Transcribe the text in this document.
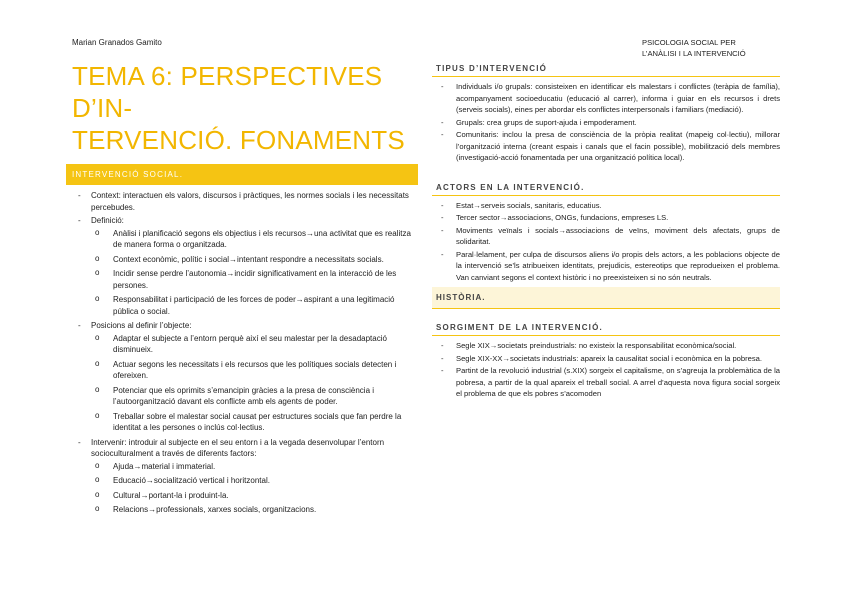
Marian Granados Gamito	PSICOLOGIA SOCIAL PER
L’ANÀLISI I LA INTERVENCIÓ
TEMA 6: PERSPECTIVES D’IN-
TERVENCIÓ. FONAMENTS
INTERVENCIÓ SOCIAL.
- Context: interactuen els valors, discursos i pràctiques, les normes socials i les necessitats percebudes.
- Definició:
o Anàlisi i planificació segons els objectius i els recursos→una activitat que es realitza de manera forma o organitzada.
o Context econòmic, polític i social→intentant respondre a necessitats socials.
o Incidir sense perdre l’autonomia→incidir significativament en la interacció de les persones.
o Responsabilitat i participació de les forces de poder→aspirant a una legitimació pública o social.
- Posicions al definir l’objecte:
o Adaptar el subjecte a l’entorn perquè així el seu malestar per la desadaptació disminueix.
o Actuar segons les necessitats i els recursos que les polítiques socials detecten i ofereixen.
o Potenciar que els oprimits s’emancipin gràcies a la presa de consciència i l’autoorganització davant els conflicte amb els agents de poder.
o Treballar sobre el malestar social causat per estructures socials que fan perdre la identitat a les persones o inclús col·lectius.
- Intervenir: introduir al subjecte en el seu entorn i a la vegada desenvolupar l’entorn socioculturalment a través de diferents factors:
o Ajuda→material i immaterial.
o Educació→socialització vertical i horitzontal.
o Cultural→portant-la i produint-la.
o Relacions→professionals, xarxes socials, organitzacions.
TIPUS D’INTERVENCIÓ
- Individuals i/o grupals: consisteixen en identificar els malestars i conflictes (teràpia de família), acompanyament socioeducatiu (educació al carrer), informa i guiar en els recursos i drets (serveis socials), eines per abordar els conflictes interpersonals i familiars (mediació).
- Grupals: crea grups de suport-ajuda i empoderament.
- Comunitaris: inclou la presa de consciència de la pròpia realitat (mapeig col·lectiu), millorar l’organització interna (creant espais i canals que el facin possible), mobilització dels membres (investigació-acció fonamentada per una organització política local).
ACTORS EN LA INTERVENCIÓ.
- Estat→serveis socials, sanitaris, educatius.
- Tercer sector→associacions, ONGs, fundacions, empreses LS.
- Moviments veïnals i socials→associacions de veïns, moviment dels afectats, grups de solidaritat.
- Paral·lelament, per culpa de discursos aliens i/o propis dels actors, a les poblacions objecte de la intervenció se’ls atribueixen identitats, prejudicis, estereotips que reprodueixen el problema. Van canviant segons el context històric i no preexisteixen si no són neutrals.
HISTÒRIA.
SORGIMENT DE LA INTERVENCIÓ.
- Segle XIX→societats preindustrials: no existeix la responsabilitat econòmica/social.
- Segle XIX-XX→societats industrials: apareix la causalitat social i econòmica en la pobresa.
- Partint de la revolució industrial (s.XIX) sorgeix el capitalisme, on s’agreuja la problemàtica de la pobresa, a partir de la qual apareix el treball social. A arrel d’aquesta nova figura social sorgeix el problema de que els pobres s’acomoden
